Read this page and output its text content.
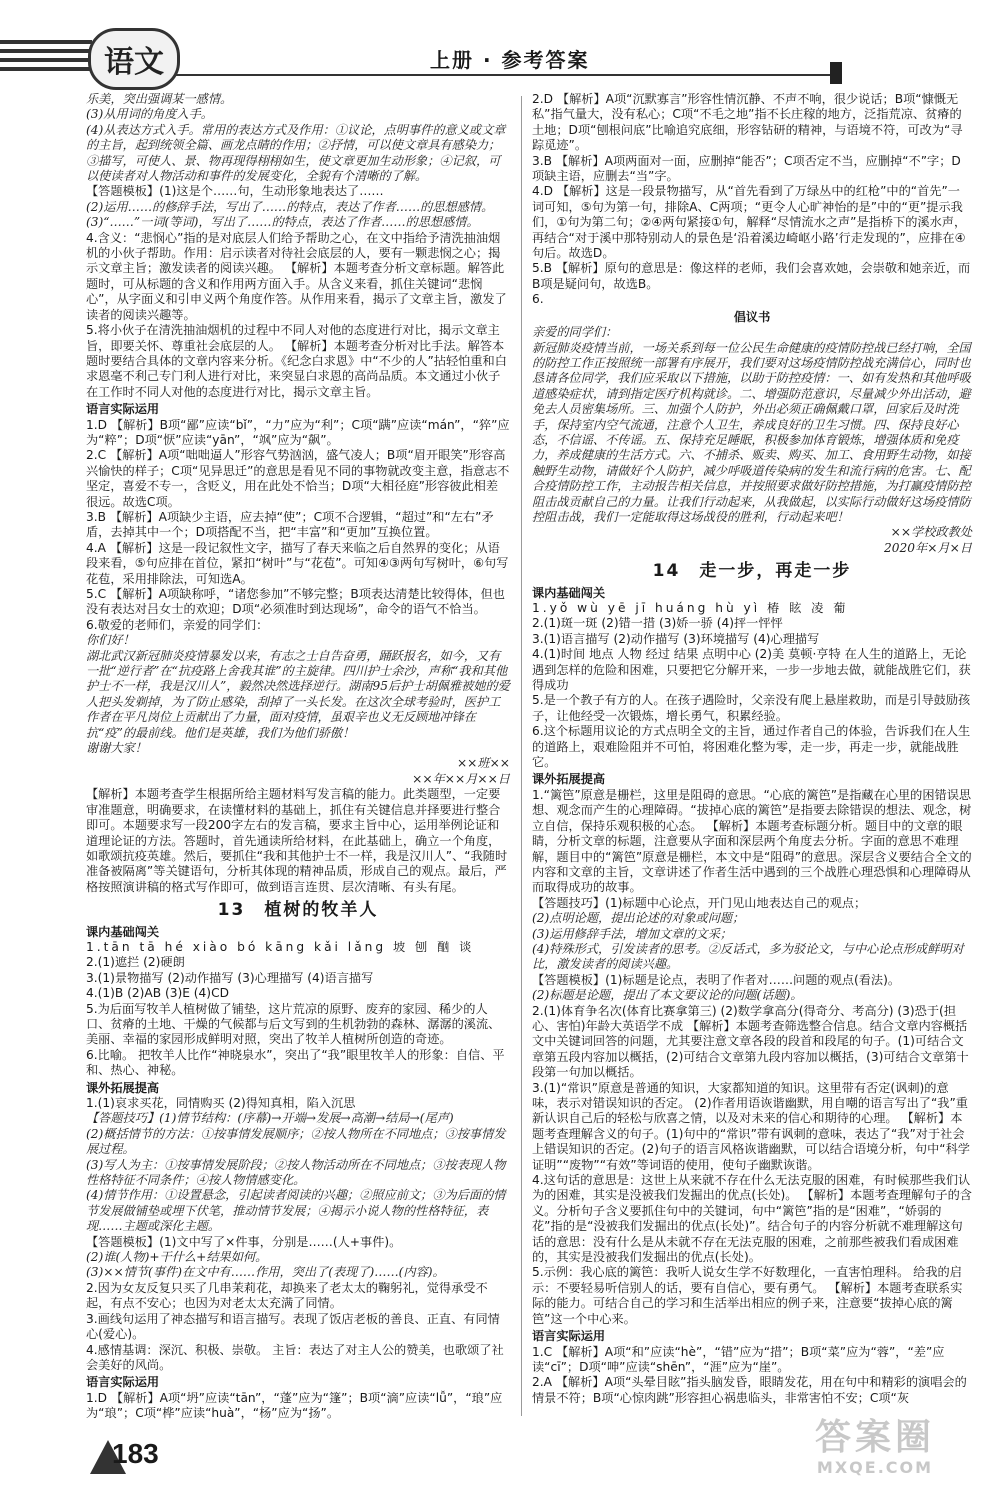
语文	上册 · 参考答案

乐美，突出强调某一感情。

(3)从用词的角度入手。

(4)从表达方式入手。常用的表达方式及作用：①议论，点明事件的意义或文章的主旨，起到统领全篇、画龙点睛的作用；②抒情，可以使文章具有感染力；③描写，可使人、景、物再现得栩栩如生，使文章更加生动形象；④记叙，可以使读者对人物活动和事件的发展变化，全貌有个清晰的了解。

【答题模板】(1)这是个……句，生动形象地表达了……

(2)运用……的修辞手法，写出了……的特点，表达了作者……的思想感情。

(3)“……”一词(等词)，写出了……的特点，表达了作者……的思想感情。

4.含义：“悲悯心”指的是对底层人们给予帮助之心，在文中指给予清洗抽油烟机的小伙子帮助。作用：启示读者对待社会底层的人，要有一颗悲悯之心；揭示文章主旨；激发读者的阅读兴趣。 【解析】本题考查分析文章标题。解答此题时，可从标题的含义和作用两方面入手。从含义来看，抓住关键词“悲悯心”，从字面义和引申义两个角度作答。从作用来看，揭示了文章主旨，激发了读者的阅读兴趣等。

5.将小伙子在清洗抽油烟机的过程中不同人对他的态度进行对比，揭示文章主旨，即要关怀、尊重社会底层的人。 【解析】本题考查分析对比手法。解答本题时要结合具体的文章内容来分析。《纪念白求恩》中“不少的人”拈轻怕重和白求恩毫不利己专门利人进行对比，来突显白求恩的高尚品质。本文通过小伙子在工作时不同人对他的态度进行对比，揭示文章主旨。

语言实际运用

1.D 【解析】B项“鄙”应读“bǐ”，“力”应为“利”；C项“蹒”应读“mán”，“猝”应为“粹”；D项“恹”应读“yān”，“飒”应为“飙”。

2.C 【解析】A项“咄咄逼人”形容气势汹汹，盛气凌人；B项“眉开眼笑”形容高兴愉快的样子；C项“见异思迁”的意思是看见不同的事物就改变主意，指意志不坚定，喜爱不专一，含贬义，用在此处不恰当；D项“大相径庭”形容彼此相差很远。故选C项。

3.B 【解析】A项缺少主语，应去掉“使”；C项不合逻辑，“超过”和“左右”矛盾，去掉其中一个；D项搭配不当，把“丰富”和“更加”互换位置。

4.A 【解析】这是一段记叙性文字，描写了春天来临之后自然界的变化；从语段来看，⑤句应排在首位，紧扣“树叶”与“花苞”。可知④③两句写树叶，⑥句写花苞，采用排除法，可知选A。

5.C 【解析】A项缺称呼，“诸您参加”不够完整；B项表达清楚比较得体，但也没有表达对吕女士的欢迎；D项“必须准时到达现场”，命令的语气不恰当。

6.敬爱的老师们，亲爱的同学们：

你们好！

湖北武汉新冠肺炎疫情暴发以来，有志之士自告奋勇，踊跃报名，如今，又有一批“逆行者”在“抗疫路上舍我其谁”的主旋律。四川护士余沙，声称“我和其他护士不一样，我是汉川人”，毅然决然选择逆行。湖南95后护士胡佩雅被她的爱人把头发剃掉，为了防止感染，刮掉了一头长发。在这次全球考验时，医护工作者在平凡岗位上贡献出了力量，面对疫情，虽艰辛也义无反顾地冲锋在抗“疫”的最前线。他们是英雄，我们为他们骄傲！

谢谢大家！

××班××

××年××月××日

【解析】本题考查学生根据所给主题材料写发言稿的能力。此类题型，一定要审准题意，明确要求，在读懂材料的基础上，抓住有关键信息并择要进行整合即可。本题要求写一段200字左右的发言稿，要求主旨中心，运用举例论证和道理论证的方法。答题时，首先通读所给材料，在此基础上，确立一个角度，如歌颂抗疫英雄。然后，要抓住“我和其他护士不一样，我是汉川人”、“我随时准备被隔离”等关键语句，分析其体现的精神品质，形成自己的观点。最后，严格按照演讲稿的格式写作即可，做到语言连贯、层次清晰、有头有尾。

13　植树的牧羊人

课内基础闯关

1.tān tā hé xiào bó kāng kǎi lǎng 坡 刨 酗 谈

2.(1)遮拦 (2)硬朗

3.(1)景物描写 (2)动作描写 (3)心理描写 (4)语言描写

4.(1)B (2)AB (3)E (4)CD

5.为后面写牧羊人植树做了铺垫，这片荒凉的原野、废弃的家园、稀少的人口、贫瘠的土地、干燥的气候都与后文写到的生机勃勃的森林、潺潺的溪流、美丽、幸福的家园形成鲜明对照，突出了牧羊人植树所创造的奇迹。

6.比喻。 把牧羊人比作“神晓泉水”，突出了“我”眼里牧羊人的形象：自信、平和、热心、神秘。

课外拓展提高

1.(1)哀求买花，同情购买 (2)得知真相，陷入沉思

【答题技巧】(1)情节结构：(序幕)→开端→发展→高潮→结局→(尾声)

(2)概括情节的方法：①按事情发展顺序；②按人物所在不同地点；③按事情发展过程。

(3)写人为主：①按事情发展阶段；②按人物活动所在不同地点；③按表现人物性格特征不同条件；④按人物情感变化。

(4)情节作用：①设置悬念，引起读者阅读的兴趣；②照应前文；③为后面的情节发展做铺垫或埋下伏笔，推动情节发展；④揭示小说人物的性格特征，表现……主题或深化主题。

【答题模板】(1)文中写了×件事，分别是……(人+事件)。

(2)谁(人物)+干什么+结果如何。

(3)××情节(事件)在文中有……作用，突出了(表现了)……(内容)。

2.因为女友反复只买了几串茉莉花，却换来了老太太的鞠躬礼，觉得承受不起，有点不安心；也因为对老太太充满了同情。

3.画线句运用了神态描写和语言描写。表现了饭店老板的善良、正直、有同情心(爱心)。

4.感情基调：深沉、积极、崇敬。 主旨：表达了对主人公的赞美，也歌颂了社会美好的风尚。

语言实际运用

1.D 【解析】A项“坍”应读“tān”，“蓬”应为“篷”；B项“滴”应读“lǚ”，“琅”应为“琅”；C项“桦”应读“huà”，“杨”应为“扬”。

2.D 【解析】A项“沉默寡言”形容性情沉静、不声不响，很少说话；B项“慷慨无私”指气量大，没有私心；C项“不毛之地”指不长庄稼的地方，泛指荒凉、贫瘠的土地；D项“刨根问底”比喻追究底细，形容钻研的精神，与语境不符，可改为“寻踪觅迹”。

3.B 【解析】A项两面对一面，应删掉“能否”；C项否定不当，应删掉“不”字；D项缺主语，应删去“当”字。

4.D 【解析】这是一段景物描写，从“首先看到了万绿丛中的红枪”中的“首先”一词可知，⑤句为第一句，排除A、C两项；“更令人心旷神怡的是”中的“更”提示我们，①句为第二句；②④两句紧接①句，解释“尽情流水之声”是指桥下的溪水声，再结合“对于溪中那特别动人的景色是‘沿着溪边崎岖小路’行走发现的”，应排在④句后。故选D。

5.B 【解析】原句的意思是：像这样的老师，我们会喜欢她，会崇敬和她亲近，而B项是疑问句，故选B。

6.

倡议书

亲爱的同学们：

新冠肺炎疫情当前，一场关系到每一位公民生命健康的疫情防控战已经打响，全国的防控工作正按照统一部署有序展开，我们要对这场疫情防控战充满信心，同时也恳请各位同学，我们应采取以下措施，以助于防控疫情：一、如有发热和其他呼吸道感染症状，请到指定医疗机构就诊。二、增强防范意识，尽量减少外出活动，避免去人员密集场所。三、加强个人防护，外出必须正确佩戴口罩，回家后及时洗手，保持室内空气流通，注意个人卫生，养成良好的卫生习惯。四、保持良好心态，不信谣、不传谣。五、保持充足睡眠，积极参加体育锻炼，增强体质和免疫力，养成健康的生活方式。六、不捕杀、贩卖、购买、加工、食用野生动物，如接触野生动物，请做好个人防护，减少呼吸道传染病的发生和流行病的危害。七、配合疫情防控工作，主动报告相关信息，并按照要求做好防控措施，为打赢疫情防控阻击战贡献自己的力量。让我们行动起来，从我做起，以实际行动做好这场疫情防控阻击战，我们一定能取得这场战役的胜利，行动起来吧！

××学校政教处

2020年×月×日

14　走一步，再走一步

课内基础闯关

1.yǒ wù yē jī huáng hù yì 椿 眩 凌 葡

2.(1)斑一斑 (2)错一措 (3)娇一骄 (4)抨一怦怦

3.(1)语言描写 (2)动作描写 (3)环境描写 (4)心理描写

4.(1)时间 地点 人物 经过 结果 点明中心 (2)美 莫顿·亨特 在人生的道路上，无论遇到怎样的危险和困难，只要把它分解开来，一步一步地去做，就能战胜它们，获得成功

5.是一个教子有方的人。在孩子遇险时，父亲没有爬上悬崖救助，而是引导鼓励孩子，让他经受一次锻炼，增长勇气，积累经验。

6.这个标题用议论的方式点明全文的主旨，通过作者自己的体验，告诉我们在人生的道路上，艰难险阻并不可怕，将困难化整为零，走一步，再走一步，就能战胜它。

课外拓展提高

1.“篱笆”原意是栅栏，这里是阻碍的意思。“心底的篱笆”是指藏在心里的困错误思想、观念而产生的心理障碍。“拔掉心底的篱笆”是指要去除错误的想法、观念，树立自信，保持乐观积极的心态。 【解析】本题考查标题分析。题目中的文章的眼睛，分析文章的标题，注意要从字面和深层两个角度去分析。字面的意思不难理解，题目中的“篱笆”原意是栅栏，本文中是“阻碍”的意思。深层含义要结合全文的内容和文章的主旨，文章讲述了作者生活中遇到的三个战胜心理恐惧和心理障碍从而取得成功的故事。

【答题技巧】(1)标题中心论点，开门见山地表达自己的观点；

(2)点明论题，提出论述的对象或问题；

(3)运用修辞手法，增加文章的文采；

(4)特殊形式，引发读者的思考。②反话式，多为驳论文，与中心论点形成鲜明对比，激发读者的阅读兴趣。

【答题模板】(1)标题是论点，表明了作者对……问题的观点(看法)。

(2)标题是论题，提出了本文要议论的问题(话题)。

2.(1)体育争名次(体育比赛拿第三) (2)数学拿高分(得奇分、考高分) (3)恐于(担心、害怕)年龄大英语学不成 【解析】本题考查筛选整合信息。结合文章内容概括文中关键词回答的问题，尤其要注意文章各段的段首和段尾的句子。(1)可结合文章第五段内容加以概括，(2)可结合文章第九段内容加以概括，(3)可结合文章第十段第一句加以概括。

3.(1)“常识”原意是普通的知识，大家都知道的知识。这里带有否定(讽刺)的意味，表示对错误知识的否定。 (2)作者用语诙谐幽默，用自嘲的语言写出了“我”重新认识自己后的轻松与欣喜之情，以及对未来的信心和期待的心理。 【解析】本题考查理解含义的句子。(1)句中的“常识”带有讽刺的意味，表达了“我”对于社会上错误知识的否定。(2)句子的语言风格诙谐幽默，可以结合语境分析，句中“科学证明”“废物”“有效”等词语的使用，使句子幽默诙谐。

4.这句话的意思是：这世上从来就不存在什么无法克服的困难，有时候那些我们认为的困难，其实是没被我们发掘出的优点(长处)。 【解析】本题考查理解句子的含义。分析句子含义要抓住句中的关键词，句中“篱笆”指的是“困难”，“娇弱的花”指的是“没被我们发掘出的优点(长处)”。结合句子的内容分析就不难理解这句话的意思：没有什么是从未就不存在无法克服的困难，之前那些被我们看成困难的，其实是没被我们发掘出的优点(长处)。

5.示例：我心底的篱笆：我听人说女生学不好数理化，一直害怕理科。 给我的启示：不要轻易听信别人的话，要有自信心，要有勇气。 【解析】本题考查联系实际的能力。可结合自己的学习和生活举出相应的例子来，注意要“拔掉心底的篱笆”这一个中心来。

语言实际运用

1.C 【解析】A项“和”应读“hè”，“错”应为“措”；B项“菜”应为“蓉”，“差”应读“cī”；D项“呻”应读“shēn”，“涯”应为“崖”。

2.A 【解析】A项“头晕目眩”指头脑发昏，眼睛发花，用在句中和精彩的演唱会的情景不符；B项“心惊肉跳”形容担心祸患临头，非常害怕不安；C项“灰

183	答案圈
MXQE.COM
